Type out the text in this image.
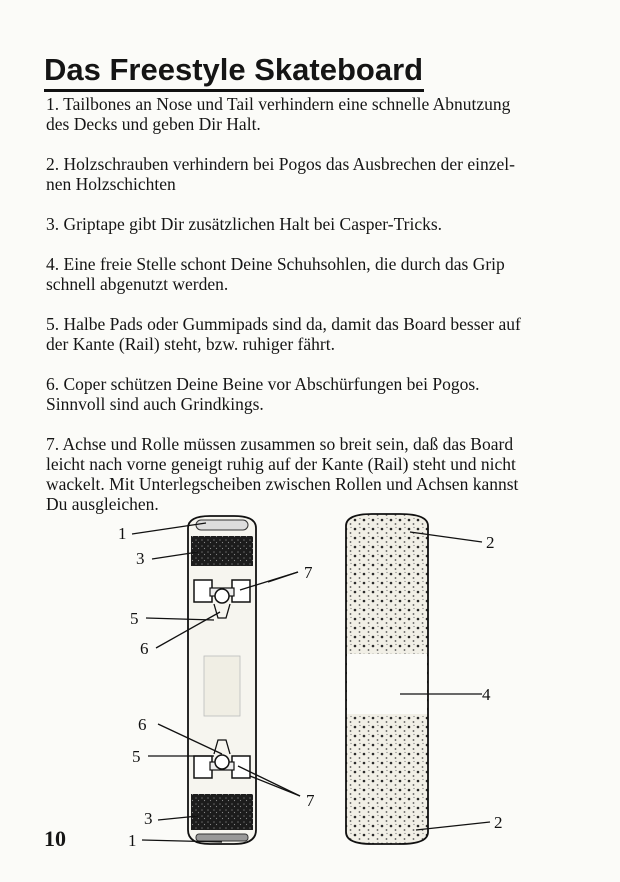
Das Freestyle Skateboard

1. Tailbones an Nose und Tail verhindern eine schnelle Abnutzung

des Decks und geben Dir Halt.

2. Holzschrauben verhindern bei Pogos das Ausbrechen der einzel-

nen Holzschichten

3. Griptape gibt Dir zusätzlichen Halt bei Casper-Tricks.

4. Eine freie Stelle schont Deine Schuhsohlen, die durch das Grip

schnell abgenutzt werden.

5. Halbe Pads oder Gummipads sind da, damit das Board besser auf

der Kante (Rail) steht, bzw. ruhiger fährt.

6. Coper schützen Deine Beine vor Abschürfungen bei Pogos.

Sinnvoll sind auch Grindkings.

7. Achse und Rolle müssen zusammen so breit sein, daß das Board

leicht nach vorne geneigt ruhig auf der Kante (Rail) steht und nicht

wackelt. Mit Unterlegscheiben zwischen Rollen und Achsen kannst

Du ausgleichen.

1
3
7
5
6
6
5
7
3
1
2
4
2
10
